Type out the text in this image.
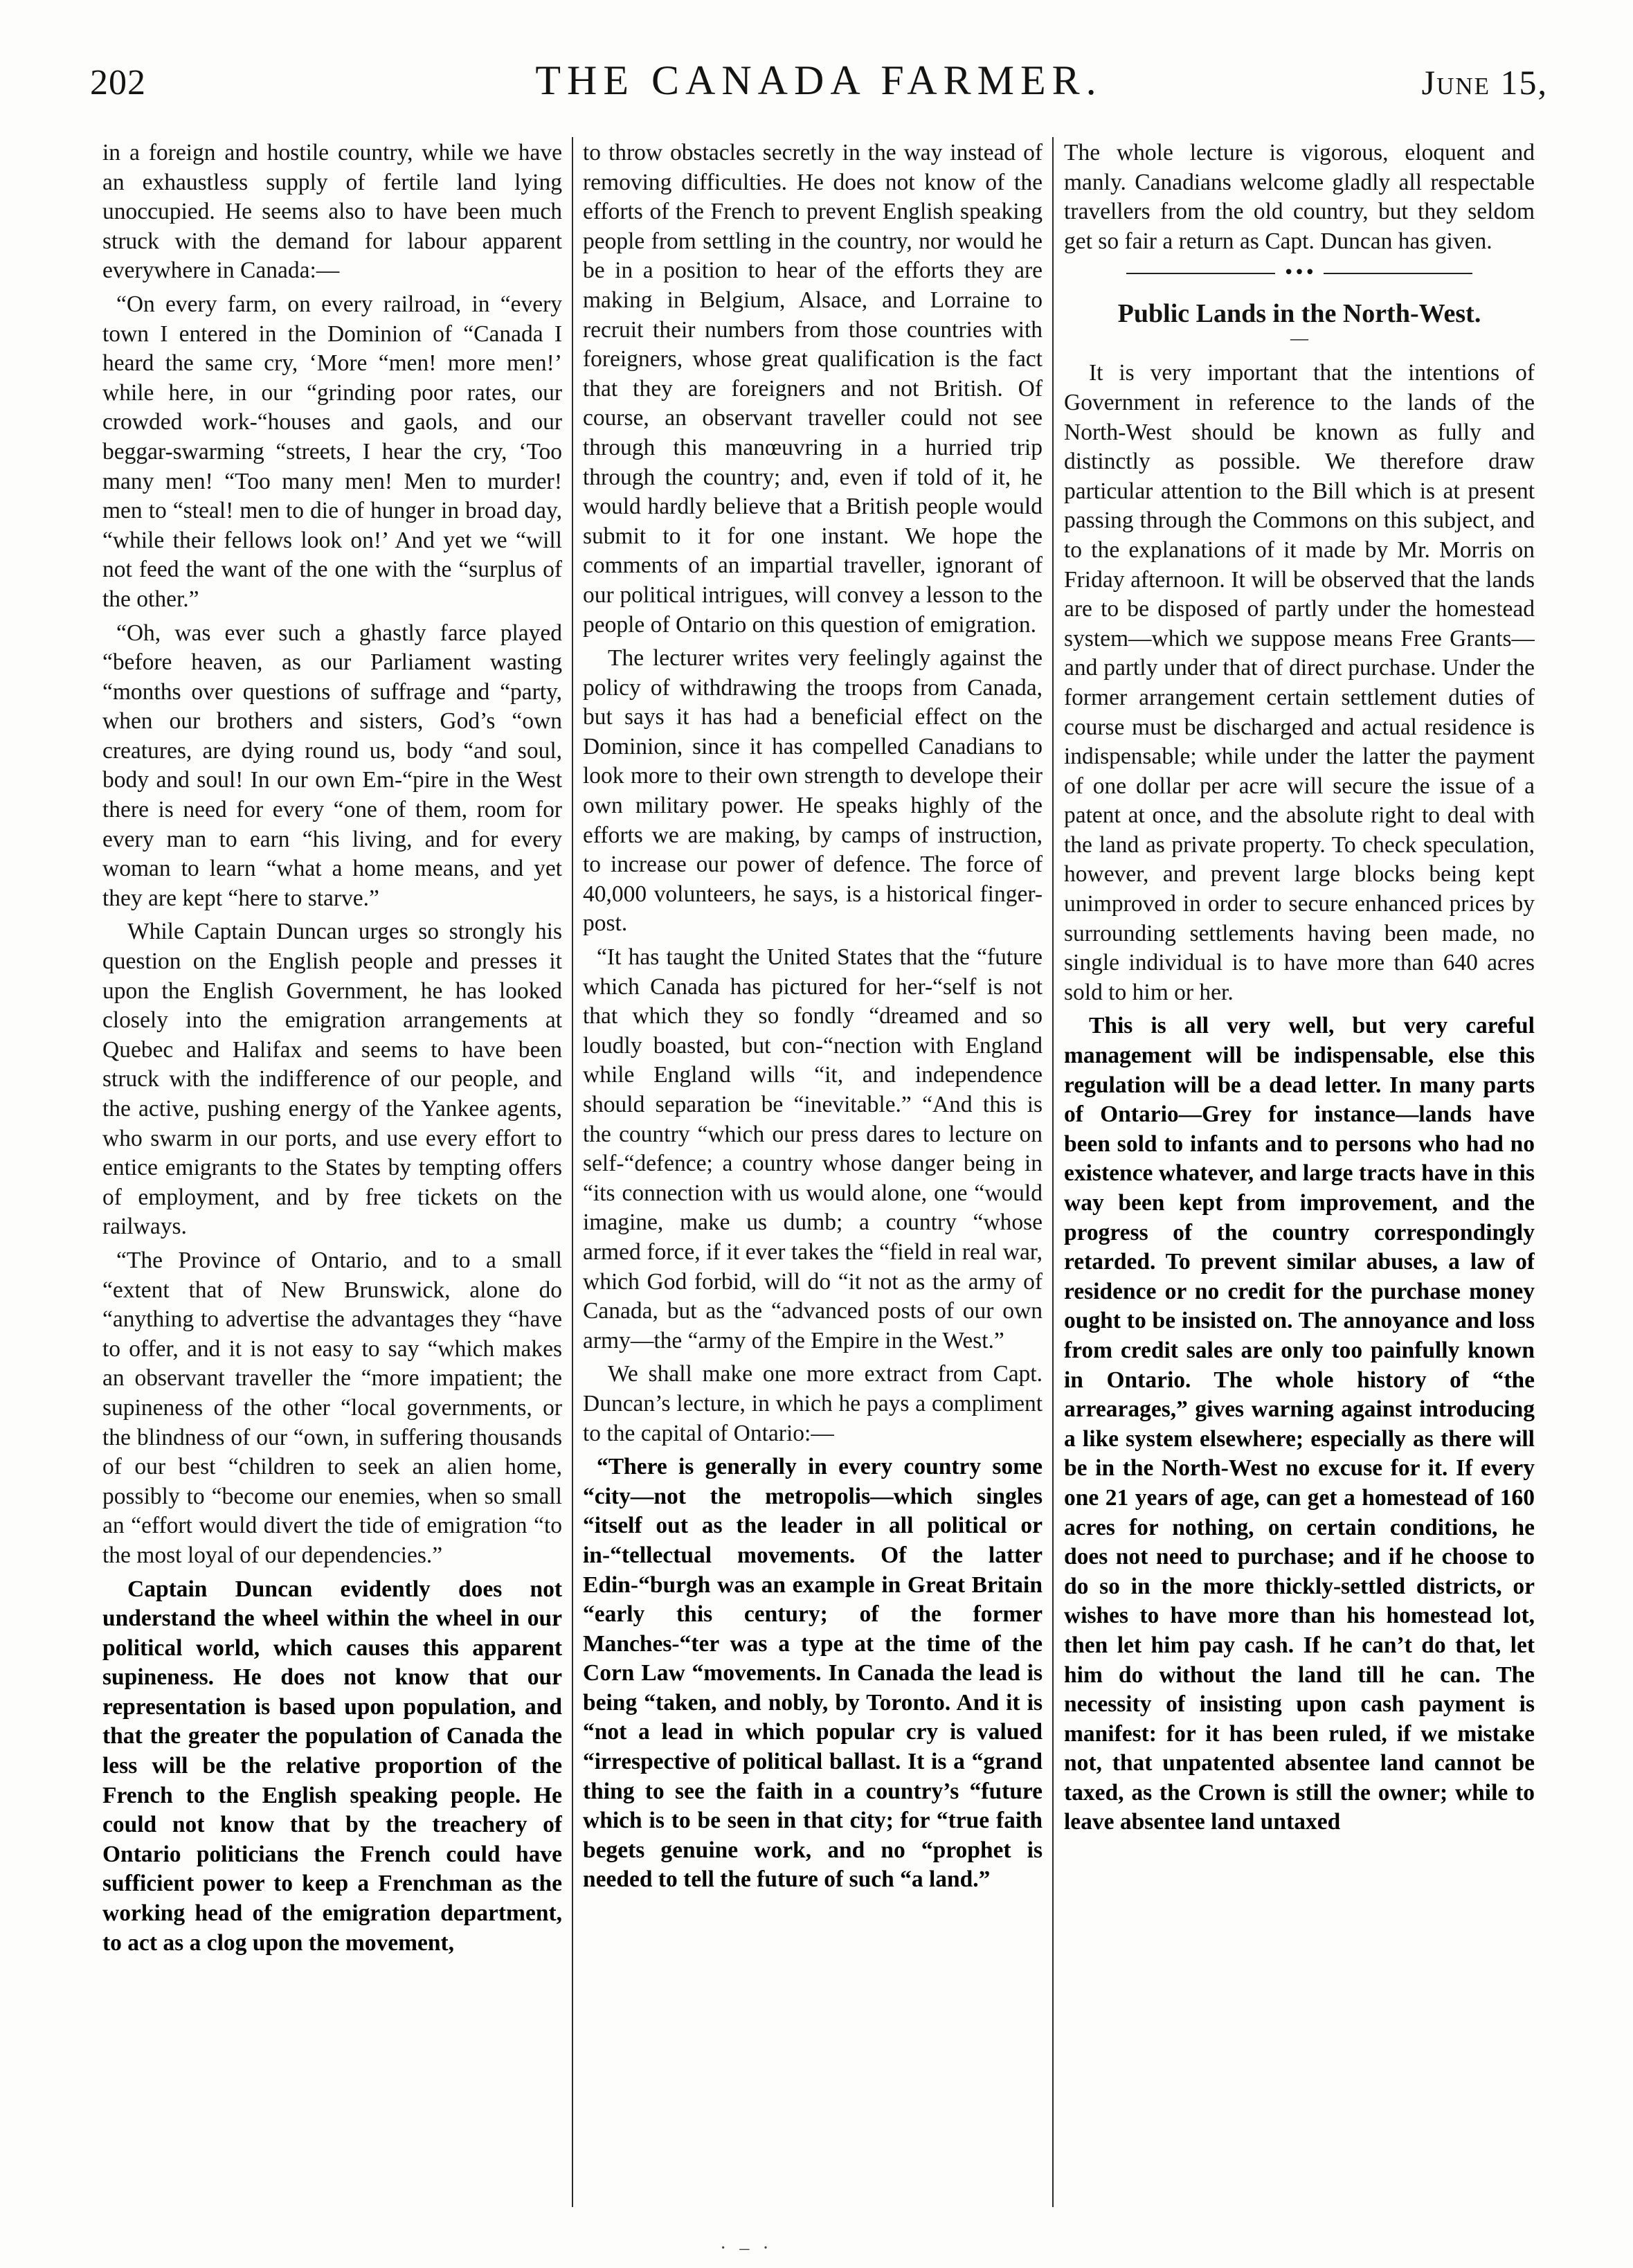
202	THE CANADA FARMER.	June 15,

in a foreign and hostile country, while we have an exhaustless supply of fertile land lying unoccupied. He seems also to have been much struck with the demand for labour apparent everywhere in Canada:—

“On every farm, on every railroad, in “every town I entered in the Dominion of “Canada I heard the same cry, ‘More “men! more men!’ while here, in our “grinding poor rates, our crowded work-“houses and gaols, and our beggar-swarming “streets, I hear the cry, ‘Too many men! “Too many men! Men to murder! men to “steal! men to die of hunger in broad day, “while their fellows look on!’ And yet we “will not feed the want of the one with the “surplus of the other.”

“Oh, was ever such a ghastly farce played “before heaven, as our Parliament wasting “months over questions of suffrage and “party, when our brothers and sisters, God’s “own creatures, are dying round us, body “and soul, body and soul! In our own Em-“pire in the West there is need for every “one of them, room for every man to earn “his living, and for every woman to learn “what a home means, and yet they are kept “here to starve.”

While Captain Duncan urges so strongly his question on the English people and presses it upon the English Government, he has looked closely into the emigration arrangements at Quebec and Halifax and seems to have been struck with the indifference of our people, and the active, pushing energy of the Yankee agents, who swarm in our ports, and use every effort to entice emigrants to the States by tempting offers of employment, and by free tickets on the railways.

“The Province of Ontario, and to a small “extent that of New Brunswick, alone do “anything to advertise the advantages they “have to offer, and it is not easy to say “which makes an observant traveller the “more impatient; the supineness of the other “local governments, or the blindness of our “own, in suffering thousands of our best “children to seek an alien home, possibly to “become our enemies, when so small an “effort would divert the tide of emigration “to the most loyal of our dependencies.”

Captain Duncan evidently does not understand the wheel within the wheel in our political world, which causes this apparent supineness. He does not know that our representation is based upon population, and that the greater the population of Canada the less will be the relative proportion of the French to the English speaking people. He could not know that by the treachery of Ontario politicians the French could have sufficient power to keep a Frenchman as the working head of the emigration department, to act as a clog upon the movement,

to throw obstacles secretly in the way instead of removing difficulties. He does not know of the efforts of the French to prevent English speaking people from settling in the country, nor would he be in a position to hear of the efforts they are making in Belgium, Alsace, and Lorraine to recruit their numbers from those countries with foreigners, whose great qualification is the fact that they are foreigners and not British. Of course, an observant traveller could not see through this manœuvring in a hurried trip through the country; and, even if told of it, he would hardly believe that a British people would submit to it for one instant. We hope the comments of an impartial traveller, ignorant of our political intrigues, will convey a lesson to the people of Ontario on this question of emigration.

The lecturer writes very feelingly against the policy of withdrawing the troops from Canada, but says it has had a beneficial effect on the Dominion, since it has compelled Canadians to look more to their own strength to develope their own military power. He speaks highly of the efforts we are making, by camps of instruction, to increase our power of defence. The force of 40,000 volunteers, he says, is a historical finger-post.

“It has taught the United States that the “future which Canada has pictured for her-“self is not that which they so fondly “dreamed and so loudly boasted, but con-“nection with England while England wills “it, and independence should separation be “inevitable.” “And this is the country “which our press dares to lecture on self-“defence; a country whose danger being in “its connection with us would alone, one “would imagine, make us dumb; a country “whose armed force, if it ever takes the “field in real war, which God forbid, will do “it not as the army of Canada, but as the “advanced posts of our own army—the “army of the Empire in the West.”

We shall make one more extract from Capt. Duncan’s lecture, in which he pays a compliment to the capital of Ontario:—

“There is generally in every country some “city—not the metropolis—which singles “itself out as the leader in all political or in-“tellectual movements. Of the latter Edin-“burgh was an example in Great Britain “early this century; of the former Manches-“ter was a type at the time of the Corn Law “movements. In Canada the lead is being “taken, and nobly, by Toronto. And it is “not a lead in which popular cry is valued “irrespective of political ballast. It is a “grand thing to see the faith in a country’s “future which is to be seen in that city; for “true faith begets genuine work, and no “prophet is needed to tell the future of such “a land.”

The whole lecture is vigorous, eloquent and manly. Canadians welcome gladly all respectable travellers from the old country, but they seldom get so fair a return as Capt. Duncan has given.

•••
Public Lands in the North-West.
—

It is very important that the intentions of Government in reference to the lands of the North-West should be known as fully and distinctly as possible. We therefore draw particular attention to the Bill which is at present passing through the Commons on this subject, and to the explanations of it made by Mr. Morris on Friday afternoon. It will be observed that the lands are to be disposed of partly under the homestead system—which we suppose means Free Grants—and partly under that of direct purchase. Under the former arrangement certain settlement duties of course must be discharged and actual residence is indispensable; while under the latter the payment of one dollar per acre will secure the issue of a patent at once, and the absolute right to deal with the land as private property. To check speculation, however, and prevent large blocks being kept unimproved in order to secure enhanced prices by surrounding settlements having been made, no single individual is to have more than 640 acres sold to him or her.

This is all very well, but very careful management will be indispensable, else this regulation will be a dead letter. In many parts of Ontario—Grey for instance—lands have been sold to infants and to persons who had no existence whatever, and large tracts have in this way been kept from improvement, and the progress of the country correspondingly retarded. To prevent similar abuses, a law of residence or no credit for the purchase money ought to be insisted on. The annoyance and loss from credit sales are only too painfully known in Ontario. The whole history of “the arrearages,” gives warning against introducing a like system elsewhere; especially as there will be in the North-West no excuse for it. If every one 21 years of age, can get a homestead of 160 acres for nothing, on certain conditions, he does not need to purchase; and if he choose to do so in the more thickly-settled districts, or wishes to have more than his homestead lot, then let him pay cash. If he can’t do that, let him do without the land till he can. The necessity of insisting upon cash payment is manifest: for it has been ruled, if we mistake not, that unpatented absentee land cannot be taxed, as the Crown is still the owner; while to leave absentee land untaxed

· – ·
